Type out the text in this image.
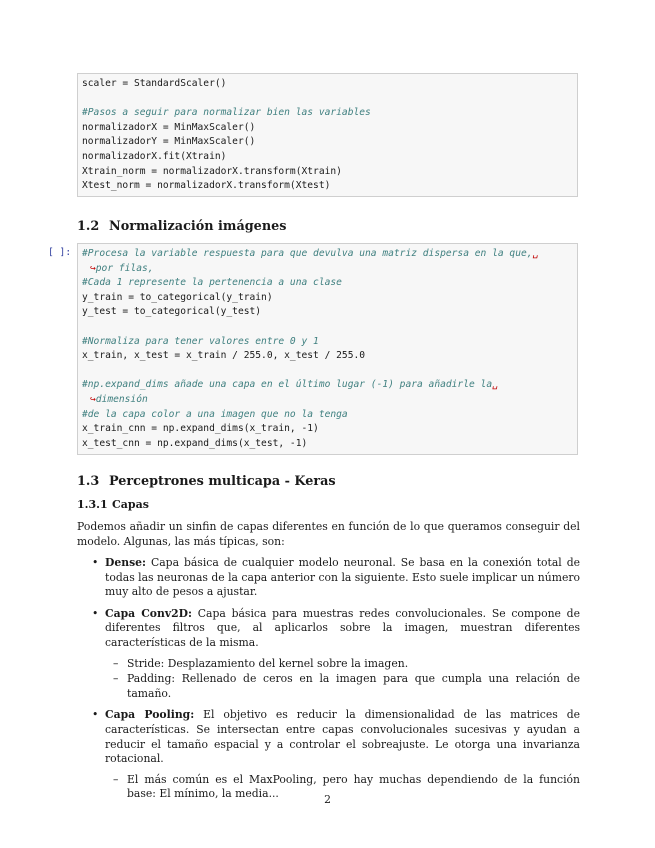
scaler = StandardScaler()
#Pasos a seguir para normalizar bien las variables
normalizadorX = MinMaxScaler()
normalizadorY = MinMaxScaler()
normalizadorX.fit(Xtrain)
Xtrain_norm = normalizadorX.transform(Xtrain)
Xtest_norm = normalizadorX.transform(Xtest)
1.2 Normalización imágenes
[ ]: #Procesa la variable respuesta para que devulva una matriz dispersa en la que,␣
↪por filas,
#Cada 1 represente la pertenencia a una clase
y_train = to_categorical(y_train)
y_test = to_categorical(y_test)
#Normaliza para tener valores entre 0 y 1
x_train, x_test = x_train / 255.0, x_test / 255.0
#np.expand_dims añade una capa en el último lugar (-1) para añadirle la␣
↪dimensión
#de la capa color a una imagen que no la tenga
x_train_cnn = np.expand_dims(x_train, -1)
x_test_cnn = np.expand_dims(x_test, -1)
1.3 Perceptrones multicapa - Keras
1.3.1 Capas
Podemos añadir un sinfin de capas diferentes en función de lo que queramos conseguir del modelo. Algunas, las más típicas, son:
• Dense: Capa básica de cualquier modelo neuronal. Se basa en la conexión total de todas las neuronas de la capa anterior con la siguiente. Esto suele implicar un número muy alto de pesos a ajustar.
• Capa Conv2D: Capa básica para muestras redes convolucionales. Se compone de diferentes filtros que, al aplicarlos sobre la imagen, muestran diferentes características de la misma.
– Stride: Desplazamiento del kernel sobre la imagen.
– Padding: Rellenado de ceros en la imagen para que cumpla una relación de tamaño.
• Capa Pooling: El objetivo es reducir la dimensionalidad de las matrices de características. Se intersectan entre capas convolucionales sucesivas y ayudan a reducir el tamaño espacial y a controlar el sobreajuste. Le otorga una invarianza rotacional.
– El más común es el MaxPooling, pero hay muchas dependiendo de la función base: El mínimo, la media...	2
